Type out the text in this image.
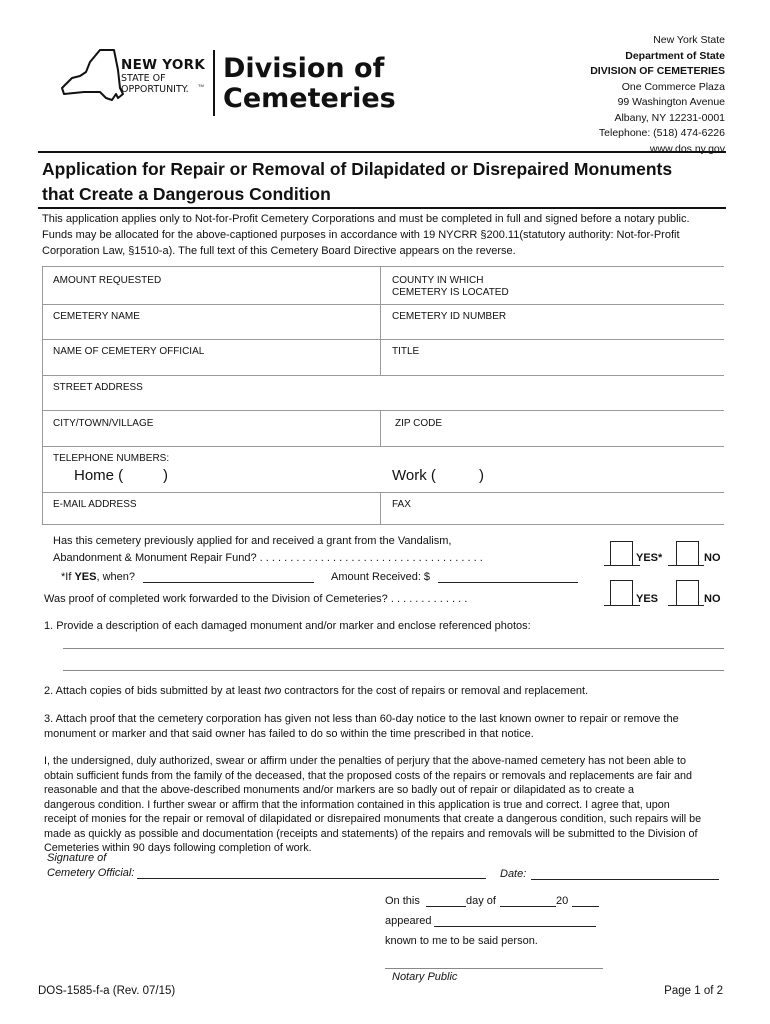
NEW YORK
STATE OF
OPPORTUNITY. TM
Division of
Cemeteries
New York State
Department of State
DIVISION OF CEMETERIES
One Commerce Plaza
99 Washington Avenue
Albany, NY 12231-0001
Telephone: (518) 474-6226
www.dos.ny.gov
Application for Repair or Removal of Dilapidated or Disrepaired Monuments
that Create a Dangerous Condition
This application applies only to Not-for-Profit Cemetery Corporations and must be completed in full and signed before a notary public.
Funds may be allocated for the above-captioned purposes in accordance with 19 NYCRR §200.11(statutory authority: Not-for-Profit
Corporation Law, §1510-a). The full text of this Cemetery Board Directive appears on the reverse.
AMOUNT REQUESTED	COUNTY IN WHICH
CEMETERY IS LOCATED
CEMETERY NAME	CEMETERY ID NUMBER
NAME OF CEMETERY OFFICIAL	TITLE
STREET ADDRESS
CITY/TOWN/VILLAGE	ZIP CODE
TELEPHONE NUMBERS:
Home (	)	Work (	)
E-MAIL ADDRESS	FAX
Has this cemetery previously applied for and received a grant from the Vandalism,
Abandonment & Monument Repair Fund? . . . . . . . . . . . . . . . . . . . . . . . . . . . . . . . . . . . . .	YES*	NO
*If YES, when?	Amount Received: $
Was proof of completed work forwarded to the Division of Cemeteries? . . . . . . . . . . . . .	YES	NO
1. Provide a description of each damaged monument and/or marker and enclose referenced photos:
2. Attach copies of bids submitted by at least two contractors for the cost of repairs or removal and replacement.
3. Attach proof that the cemetery corporation has given not less than 60-day notice to the last known owner to repair or remove the
monument or marker and that said owner has failed to do so within the time prescribed in that notice.
I, the undersigned, duly authorized, swear or affirm under the penalties of perjury that the above-named cemetery has not been able to
obtain sufficient funds from the family of the deceased, that the proposed costs of the repairs or removals and replacements are fair and
reasonable and that the above-described monuments and/or markers are so badly out of repair or dilapidated as to create a
dangerous condition. I further swear or affirm that the information contained in this application is true and correct. I agree that, upon
receipt of monies for the repair or removal of dilapidated or disrepaired monuments that create a dangerous condition, such repairs will be
made as quickly as possible and documentation (receipts and statements) of the repairs and removals will be submitted to the Division of
Cemeteries within 90 days following completion of work.
Signature of
Cemetery Official:	Date:
On this	day of	20
appeared
known to me to be said person.
Notary Public
DOS-1585-f-a (Rev. 07/15)	Page 1 of 2
